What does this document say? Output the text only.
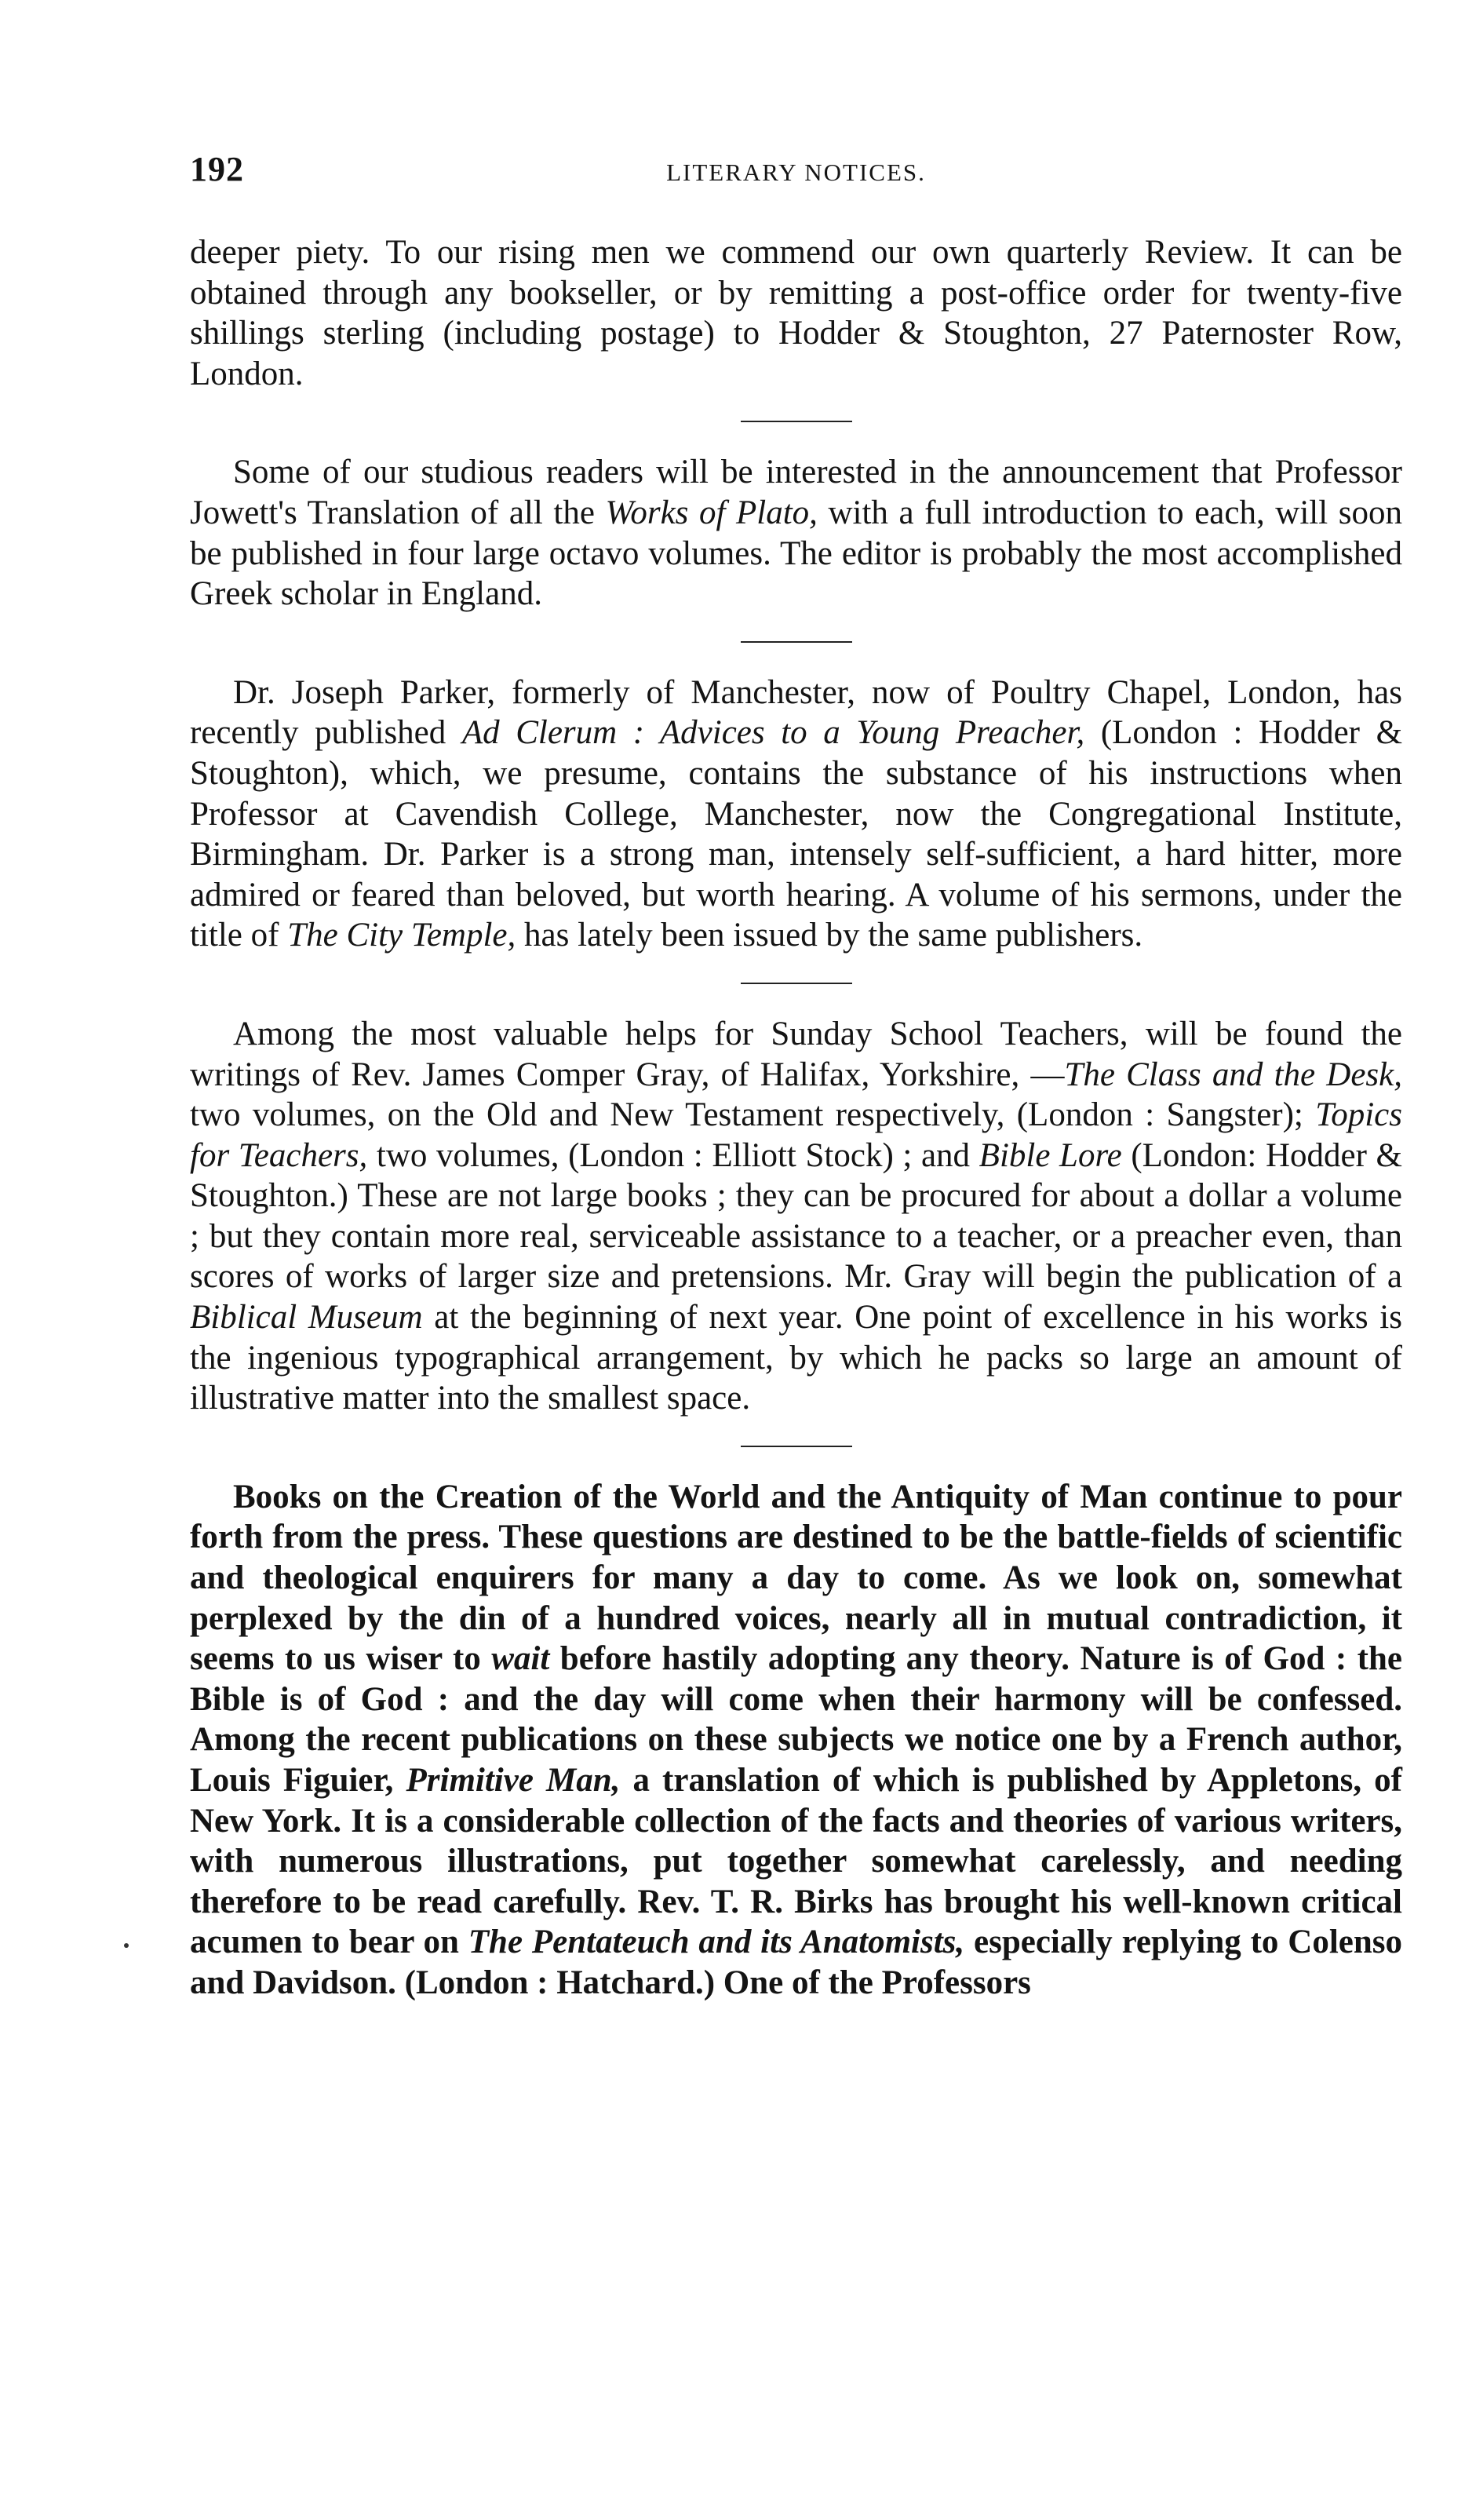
192	LITERARY NOTICES.

deeper piety. To our rising men we commend our own quarterly Review. It can be obtained through any bookseller, or by remitting a post-office order for twenty-five shillings sterling (including postage) to Hodder & Stoughton, 27 Paternoster Row, London.

Some of our studious readers will be interested in the announcement that Professor Jowett's Translation of all the Works of Plato, with a full introduction to each, will soon be published in four large octavo volumes. The editor is probably the most accomplished Greek scholar in England.

Dr. Joseph Parker, formerly of Manchester, now of Poultry Chapel, London, has recently published Ad Clerum : Advices to a Young Preacher, (London : Hodder & Stoughton), which, we presume, contains the substance of his instructions when Professor at Cavendish College, Manchester, now the Congregational Institute, Birmingham. Dr. Parker is a strong man, intensely self-sufficient, a hard hitter, more admired or feared than beloved, but worth hearing. A volume of his sermons, under the title of The City Temple, has lately been issued by the same publishers.

Among the most valuable helps for Sunday School Teachers, will be found the writings of Rev. James Comper Gray, of Halifax, Yorkshire, —The Class and the Desk, two volumes, on the Old and New Testament respectively, (London : Sangster); Topics for Teachers, two volumes, (London : Elliott Stock) ; and Bible Lore (London: Hodder & Stoughton.) These are not large books ; they can be procured for about a dollar a volume ; but they contain more real, serviceable assistance to a teacher, or a preacher even, than scores of works of larger size and pretensions. Mr. Gray will begin the publication of a Biblical Museum at the beginning of next year. One point of excellence in his works is the ingenious typographical arrangement, by which he packs so large an amount of illustrative matter into the smallest space.

Books on the Creation of the World and the Antiquity of Man continue to pour forth from the press. These questions are destined to be the battle-fields of scientific and theological enquirers for many a day to come. As we look on, somewhat perplexed by the din of a hundred voices, nearly all in mutual contradiction, it seems to us wiser to wait before hastily adopting any theory. Nature is of God : the Bible is of God : and the day will come when their harmony will be confessed. Among the recent publications on these subjects we notice one by a French author, Louis Figuier, Primitive Man, a translation of which is published by Appletons, of New York. It is a considerable collection of the facts and theories of various writers, with numerous illustrations, put together somewhat carelessly, and needing therefore to be read carefully. Rev. T. R. Birks has brought his well-known critical acumen to bear on The Pentateuch and its Anatomists, especially replying to Colenso and Davidson. (London : Hatchard.) One of the Professors
